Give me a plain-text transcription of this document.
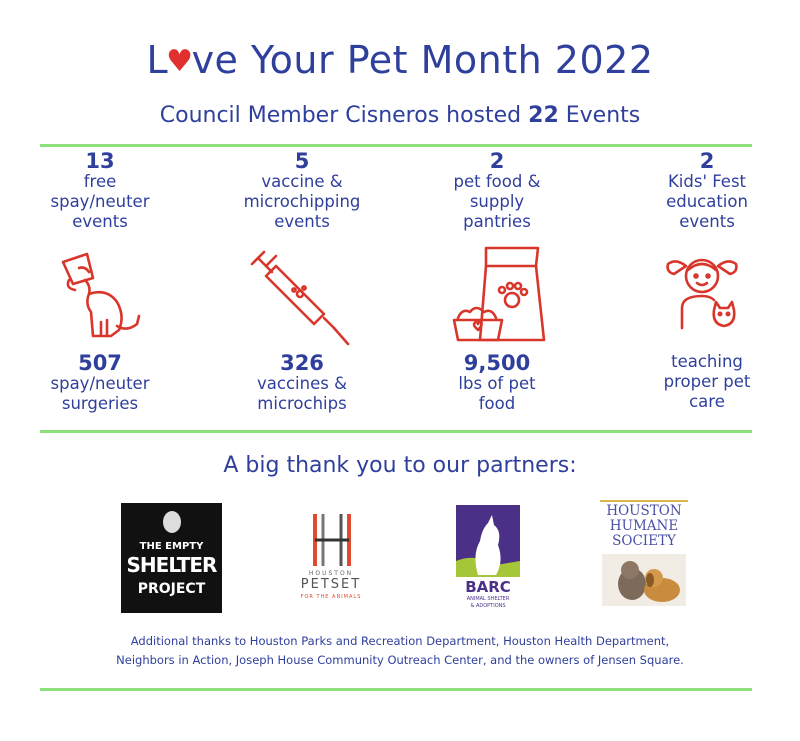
L♥ve Your Pet Month 2022
Council Member Cisneros hosted 22 Events
13
free
spay/neuter
events
507
spay/neuter
surgeries
5
vaccine &
microchipping
events
326
vaccines &
microchips
2
pet food &
supply
pantries
9,500
lbs of pet
food
2
Kids' Fest
education
events
teaching
proper pet
care
A big thank you to our partners:
THE EMPTY
SHELTER
PROJECT
HOUSTON
PETSET
FOR THE ANIMALS
BARC
ANIMAL SHELTER
& ADOPTIONS
HOUSTON
HUMANE
SOCIETY
Additional thanks to Houston Parks and Recreation Department, Houston Health Department,
Neighbors in Action, Joseph House Community Outreach Center, and the owners of Jensen Square.
